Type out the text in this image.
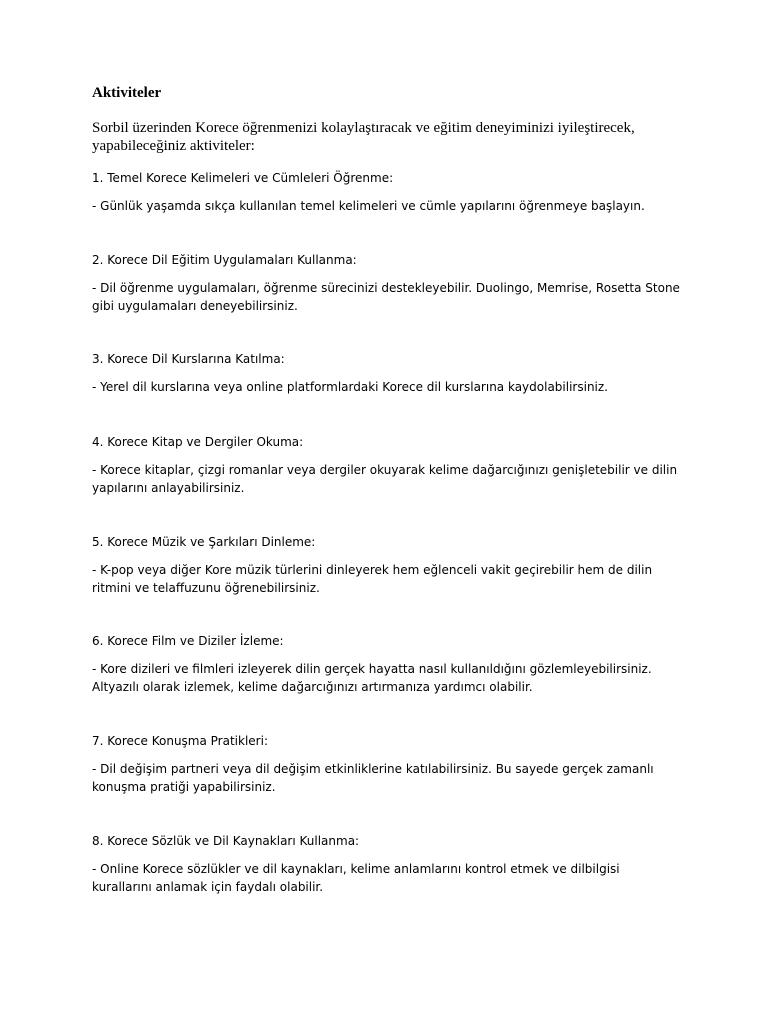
Aktiviteler

Sorbil üzerinden Korece öğrenmenizi kolaylaştıracak ve eğitim deneyiminizi iyileştirecek, yapabileceğiniz aktiviteler:

1. Temel Korece Kelimeleri ve Cümleleri Öğrenme:

- Günlük yaşamda sıkça kullanılan temel kelimeleri ve cümle yapılarını öğrenmeye başlayın.

2. Korece Dil Eğitim Uygulamaları Kullanma:

- Dil öğrenme uygulamaları, öğrenme sürecinizi destekleyebilir. Duolingo, Memrise, Rosetta Stone gibi uygulamaları deneyebilirsiniz.

3. Korece Dil Kurslarına Katılma:

- Yerel dil kurslarına veya online platformlardaki Korece dil kurslarına kaydolabilirsiniz.

4. Korece Kitap ve Dergiler Okuma:

- Korece kitaplar, çizgi romanlar veya dergiler okuyarak kelime dağarcığınızı genişletebilir ve dilin yapılarını anlayabilirsiniz.

5. Korece Müzik ve Şarkıları Dinleme:

- K-pop veya diğer Kore müzik türlerini dinleyerek hem eğlenceli vakit geçirebilir hem de dilin ritmini ve telaffuzunu öğrenebilirsiniz.

6. Korece Film ve Diziler İzleme:

- Kore dizileri ve filmleri izleyerek dilin gerçek hayatta nasıl kullanıldığını gözlemleyebilirsiniz. Altyazılı olarak izlemek, kelime dağarcığınızı artırmanıza yardımcı olabilir.

7. Korece Konuşma Pratikleri:

- Dil değişim partneri veya dil değişim etkinliklerine katılabilirsiniz. Bu sayede gerçek zamanlı konuşma pratiği yapabilirsiniz.

8. Korece Sözlük ve Dil Kaynakları Kullanma:

- Online Korece sözlükler ve dil kaynakları, kelime anlamlarını kontrol etmek ve dilbilgisi kurallarını anlamak için faydalı olabilir.
